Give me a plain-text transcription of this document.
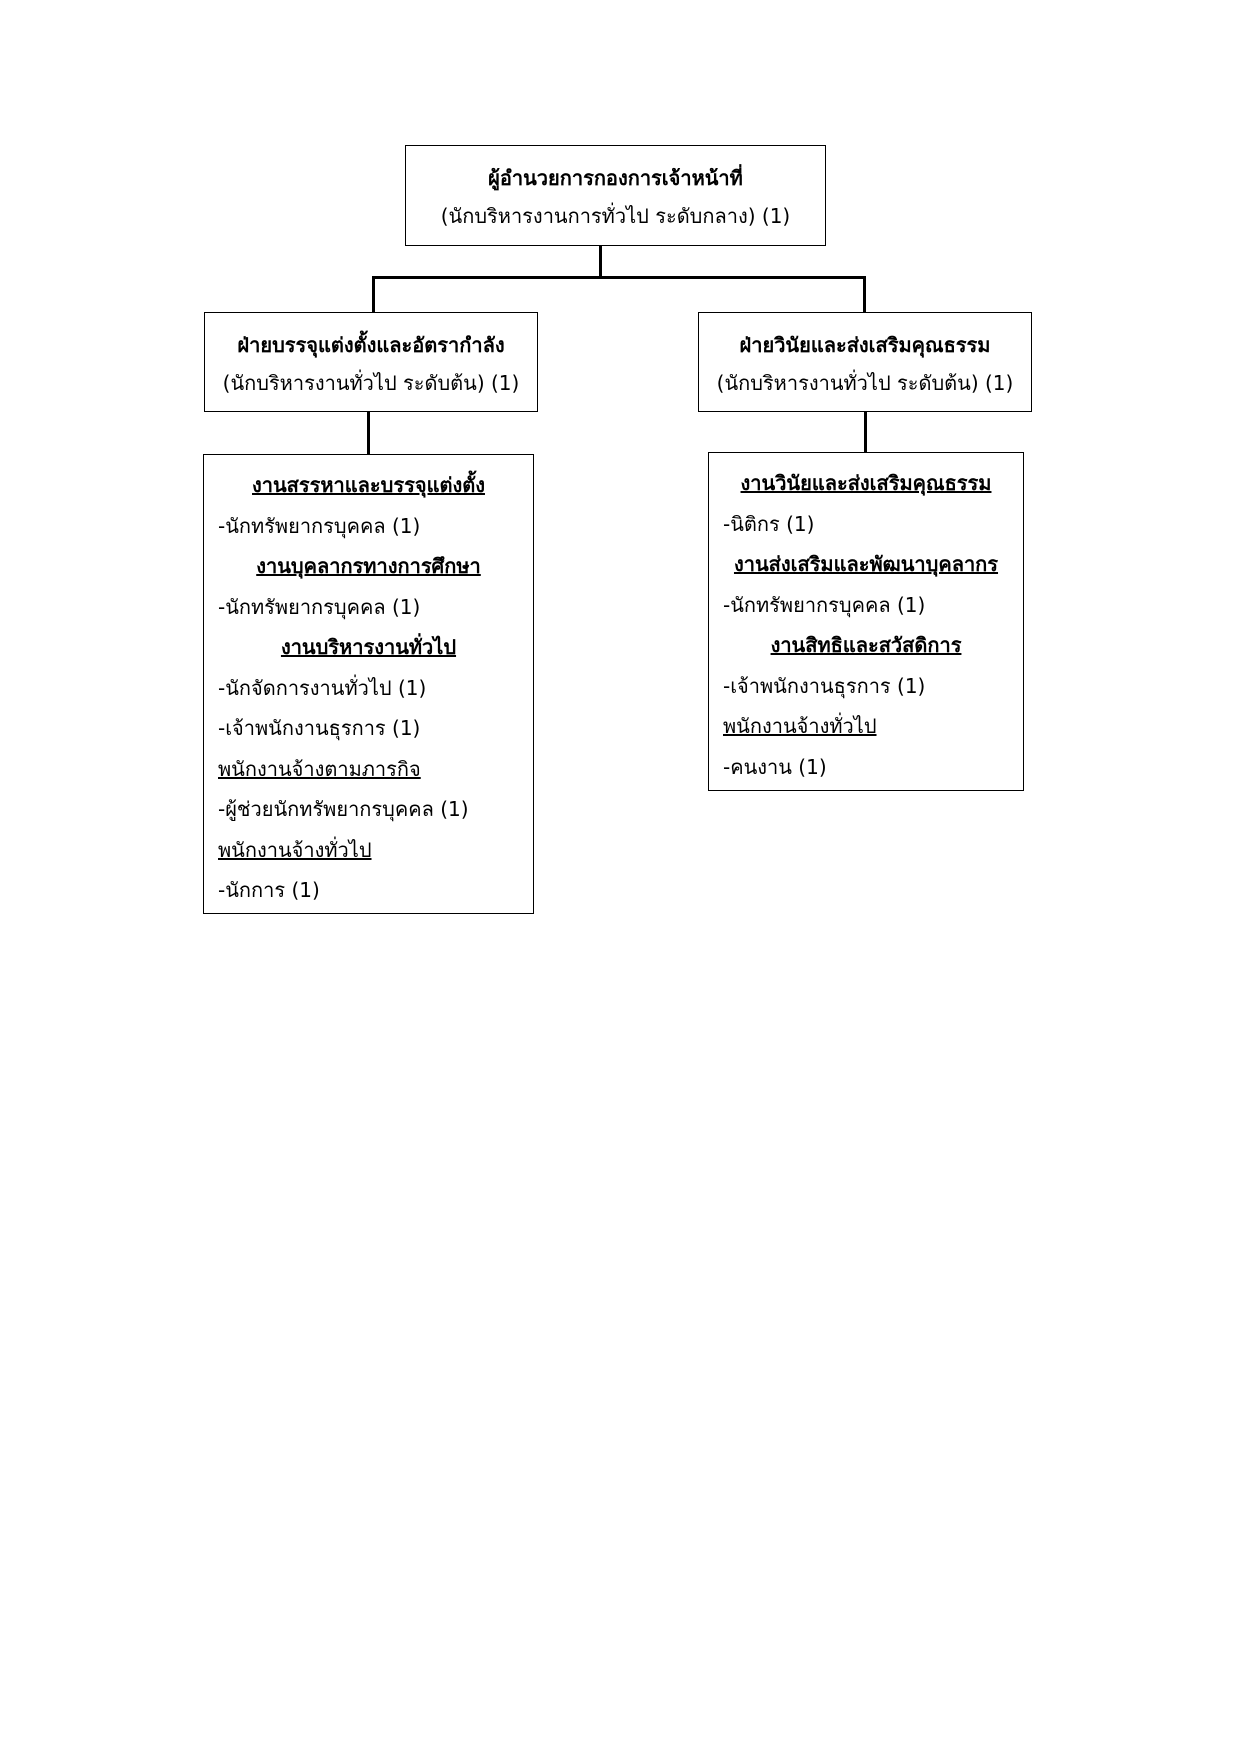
ผู้อำนวยการกองการเจ้าหน้าที่
(นักบริหารงานการทั่วไป ระดับกลาง) (1)
ฝ่ายบรรจุแต่งตั้งและอัตรากำลัง
(นักบริหารงานทั่วไป ระดับต้น) (1)
ฝ่ายวินัยและส่งเสริมคุณธรรม
(นักบริหารงานทั่วไป ระดับต้น) (1)
งานสรรหาและบรรจุแต่งตั้ง
-นักทรัพยากรบุคคล (1)
งานบุคลากรทางการศึกษา
-นักทรัพยากรบุคคล (1)
งานบริหารงานทั่วไป
-นักจัดการงานทั่วไป (1)
-เจ้าพนักงานธุรการ (1)
พนักงานจ้างตามภารกิจ
-ผู้ช่วยนักทรัพยากรบุคคล (1)
พนักงานจ้างทั่วไป
-นักการ (1)
งานวินัยและส่งเสริมคุณธรรม
-นิติกร (1)
งานส่งเสริมและพัฒนาบุคลากร
-นักทรัพยากรบุคคล (1)
งานสิทธิและสวัสดิการ
-เจ้าพนักงานธุรการ (1)
พนักงานจ้างทั่วไป
-คนงาน (1)
